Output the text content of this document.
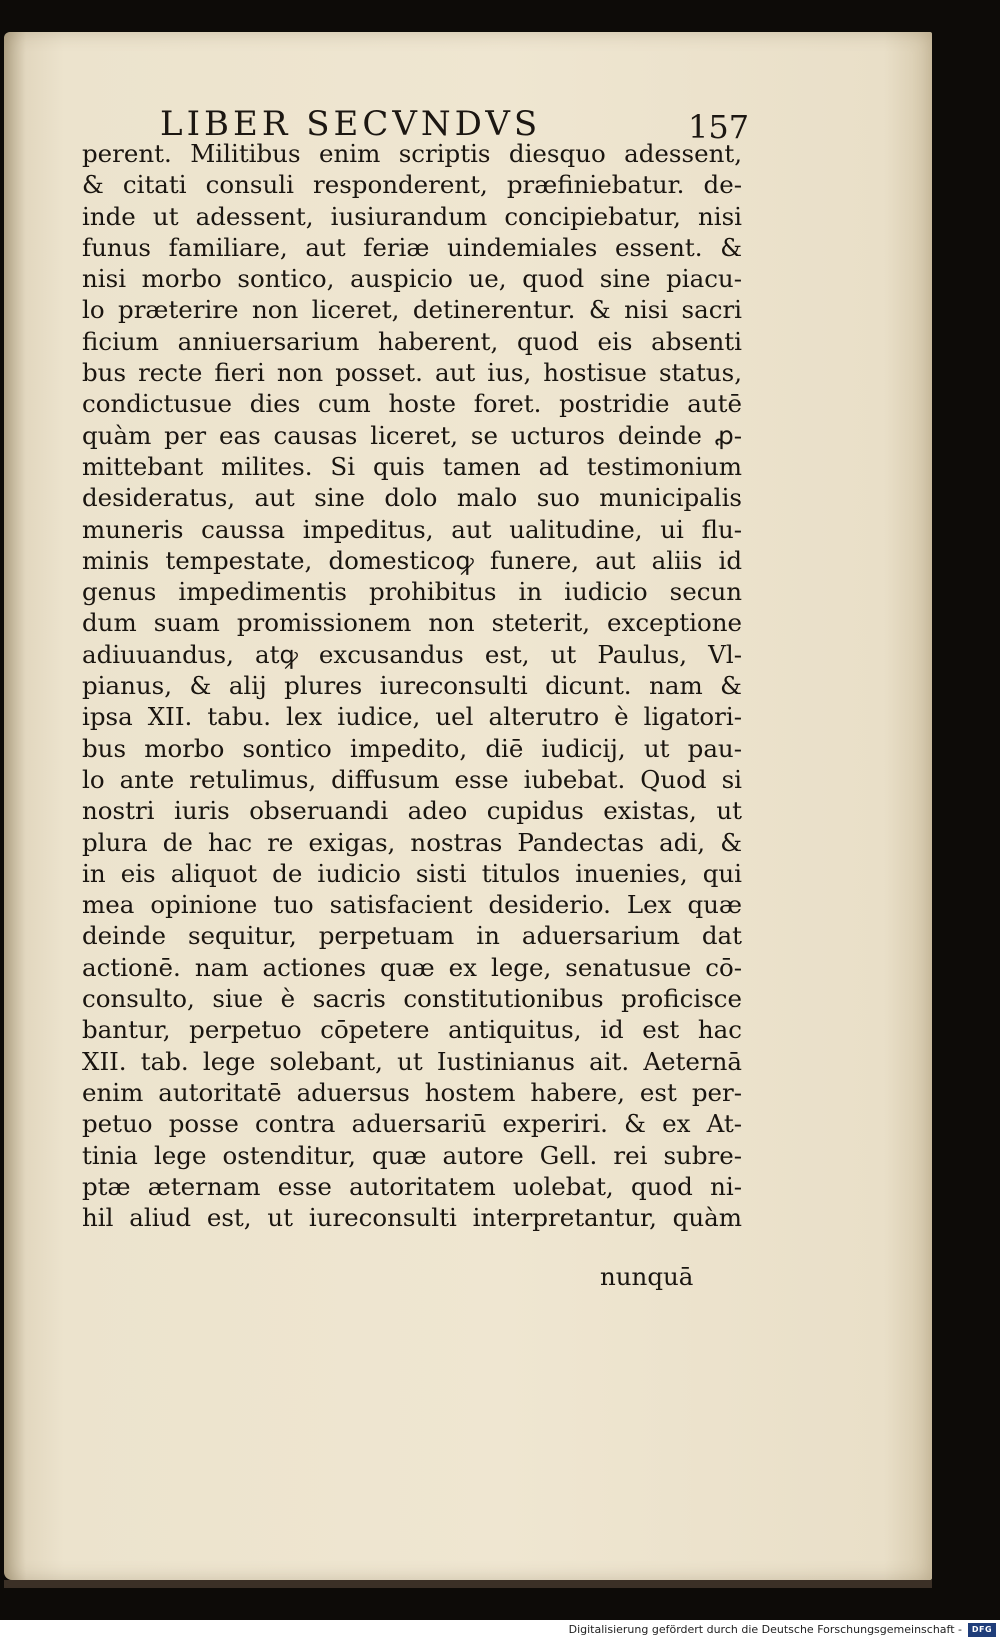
LIBER SECVNDVS	157
perent. Militibus enim scriptis diesquo adessent,
& citati consuli responderent, præfiniebatur. de-
inde ut adessent, iusiurandum concipiebatur, nisi
funus familiare, aut feriæ uindemiales essent. &
nisi morbo sontico, auspicio ue, quod sine piacu-
lo præterire non liceret, detinerentur. & nisi sacri
ficium anniuersarium haberent, quod eis absenti
bus recte fieri non posset. aut ius, hostisue status,
condictusue dies cum hoste foret. postridie autē
quàm per eas causas liceret, se ucturos deinde ꝓ-
mittebant milites. Si quis tamen ad testimonium
desideratus, aut sine dolo malo suo municipalis
muneris caussa impeditus, aut ualitudine, ui flu-
minis tempestate, domesticoꝙ funere, aut aliis id
genus impedimentis prohibitus in iudicio secun
dum suam promissionem non steterit, exceptione
adiuuandus, atꝙ excusandus est, ut Paulus, Vl-
pianus, & alij plures iureconsulti dicunt. nam &
ipsa XII. tabu. lex iudice, uel alterutro è ligatori-
bus morbo sontico impedito, diē iudicij, ut pau-
lo ante retulimus, diffusum esse iubebat. Quod si
nostri iuris obseruandi adeo cupidus existas, ut
plura de hac re exigas, nostras Pandectas adi, &
in eis aliquot de iudicio sisti titulos inuenies, qui
mea opinione tuo satisfacient desiderio. Lex quæ
deinde sequitur, perpetuam in aduersarium dat
actionē. nam actiones quæ ex lege, senatusue cō-
consulto, siue è sacris constitutionibus proficisce
bantur, perpetuo cōpetere antiquitus, id est hac
XII. tab. lege solebant, ut Iustinianus ait. Aeternā
enim autoritatē aduersus hostem habere, est per-
petuo posse contra aduersariū experiri. & ex At-
tinia lege ostenditur, quæ autore Gell. rei subre-
ptæ æternam esse autoritatem uolebat, quod ni-
hil aliud est, ut iureconsulti interpretantur, quàm
nunquā
Digitalisierung gefördert durch die Deutsche Forschungsgemeinschaft -	DFG
